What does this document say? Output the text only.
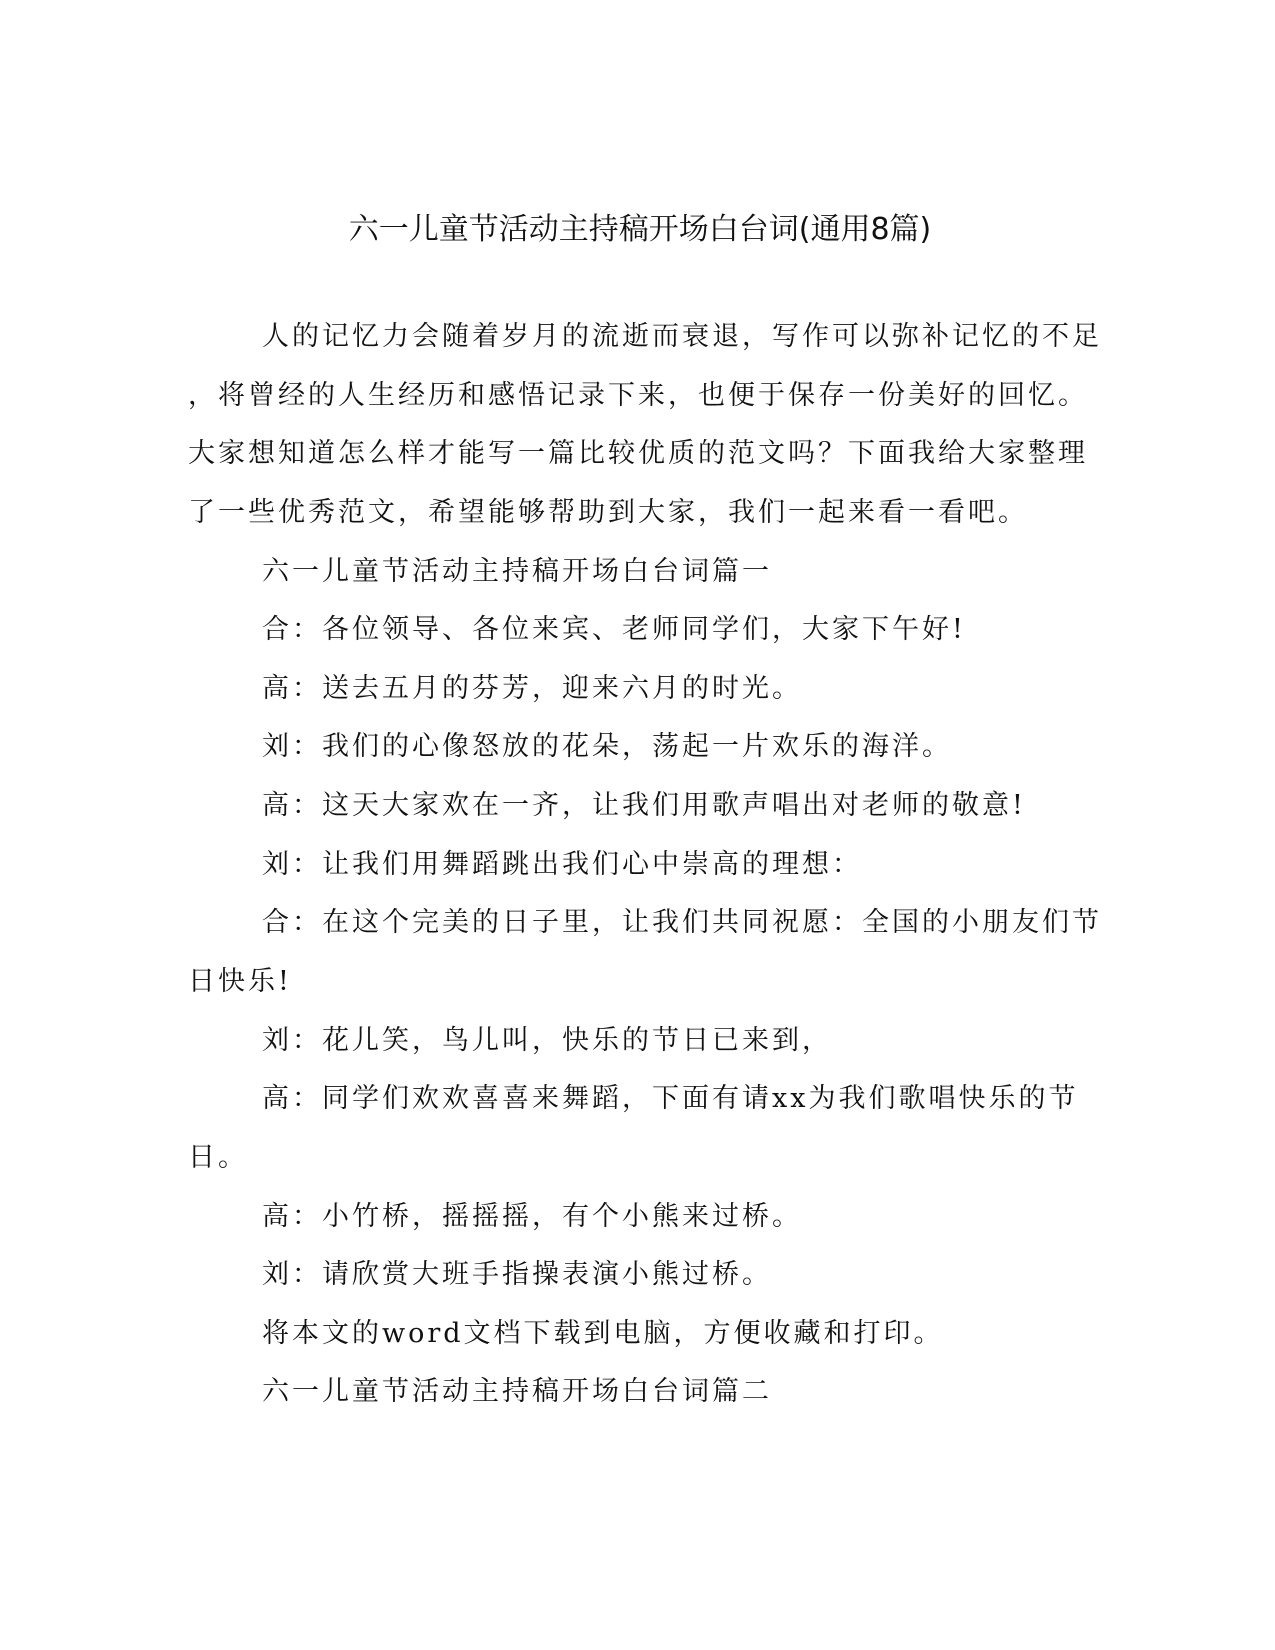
六一儿童节活动主持稿开场白台词(通用8篇)
人的记忆力会随着岁月的流逝而衰退，写作可以弥补记忆的不足
，将曾经的人生经历和感悟记录下来，也便于保存一份美好的回忆。
大家想知道怎么样才能写一篇比较优质的范文吗？下面我给大家整理
了一些优秀范文，希望能够帮助到大家，我们一起来看一看吧。
六一儿童节活动主持稿开场白台词篇一
合：各位领导、各位来宾、老师同学们，大家下午好!
高：送去五月的芬芳，迎来六月的时光。
刘：我们的心像怒放的花朵，荡起一片欢乐的海洋。
高：这天大家欢在一齐，让我们用歌声唱出对老师的敬意!
刘：让我们用舞蹈跳出我们心中崇高的理想：
合：在这个完美的日子里，让我们共同祝愿：全国的小朋友们节
日快乐!
刘：花儿笑，鸟儿叫，快乐的节日已来到，
高：同学们欢欢喜喜来舞蹈，下面有请xx为我们歌唱快乐的节
日。
高：小竹桥，摇摇摇，有个小熊来过桥。
刘：请欣赏大班手指操表演小熊过桥。
将本文的word文档下载到电脑，方便收藏和打印。
六一儿童节活动主持稿开场白台词篇二
